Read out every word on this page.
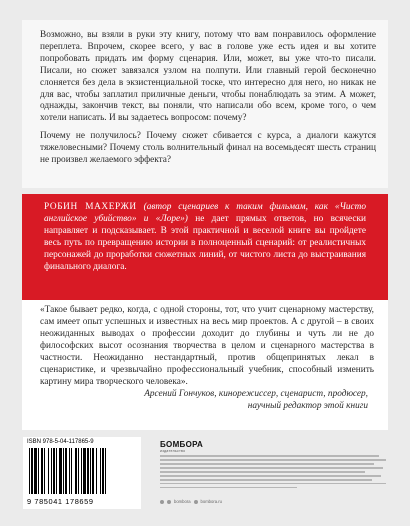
Возможно, вы взяли в руки эту книгу, потому что вам понравилось оформление переплета. Впрочем, скорее всего, у вас в голове уже есть идея и вы хотите попробовать придать им форму сценария. Или, может, вы уже что-то писали. Писали, но сюжет завязался узлом на полпути. Или главный герой бесконечно слоняется без дела в экзистенциальной тоске, что интересно для него, но никак не для вас, чтобы заплатил приличные деньги, чтобы понаблюдать за этим. А может, однажды, закончив текст, вы поняли, что написали обо всем, кроме того, о чем хотели написать. И вы задаетесь вопросом: почему?

Почему не получилось? Почему сюжет сбивается с курса, а диалоги кажутся тяжеловесными? Почему столь волнительный финал на восемьдесят шесть страниц не произвел желаемого эффекта?

РОБИН МАХЕРЖИ (автор сценариев к таким фильмам, как «Чисто английское убийство» и «Лоре») не дает прямых ответов, но всячески направляет и подсказывает. В этой практичной и веселой книге вы пройдете весь путь по превращению истории в полноценный сценарий: от реалистичных персонажей до проработки сюжетных линий, от чистого листа до выстраивания финального диалога.
«Такое бывает редко, когда, с одной стороны, тот, что учит сценарному мастерству, сам имеет опыт успешных и известных на весь мир проектов. А с другой – в своих неожиданных выводах о профессии доходит до глубины и чуть ли не до философских высот осознания творчества в целом и сценарного мастерства в частности. Неожиданно нестандартный, против общепринятых лекал в сценаристике, и чрезвычайно профессиональный учебник, способный изменить картину мира творческого человека».
Арсений Гончуков, кинорежиссер, сценарист, продюсер,
научный редактор этой книги
ISBN 978-5-04-117865-9
9 785041 178659
БОМБОРА
издательство
bombora bombora.ru
